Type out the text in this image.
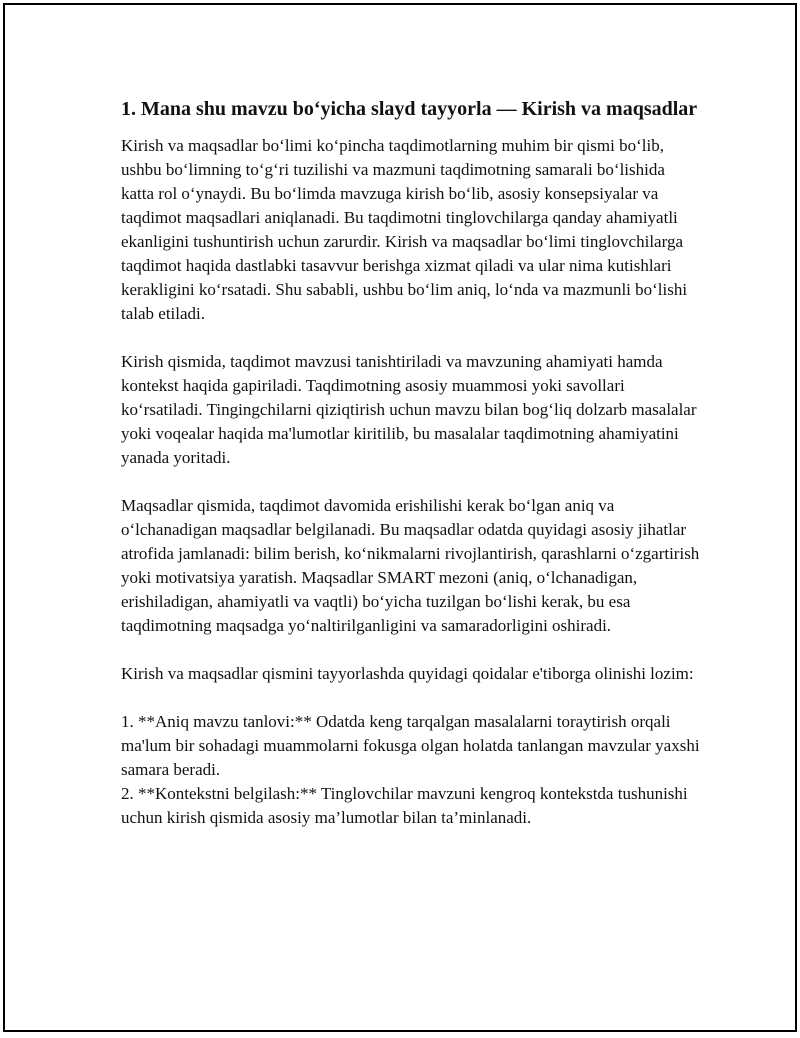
1. Mana shu mavzu bo‘yicha slayd tayyorla — Kirish va maqsadlar

Kirish va maqsadlar bo‘limi ko‘pincha taqdimotlarning muhim bir qismi bo‘lib, ushbu bo‘limning to‘g‘ri tuzilishi va mazmuni taqdimotning samarali bo‘lishida katta rol o‘ynaydi. Bu bo‘limda mavzuga kirish bo‘lib, asosiy konsepsiyalar va taqdimot maqsadlari aniqlanadi. Bu taqdimotni tinglovchilarga qanday ahamiyatli ekanligini tushuntirish uchun zarurdir. Kirish va maqsadlar bo‘limi tinglovchilarga taqdimot haqida dastlabki tasavvur berishga xizmat qiladi va ular nima kutishlari kerakligini ko‘rsatadi. Shu sababli, ushbu bo‘lim aniq, lo‘nda va mazmunli bo‘lishi talab etiladi.

Kirish qismida, taqdimot mavzusi tanishtiriladi va mavzuning ahamiyati hamda kontekst haqida gapiriladi. Taqdimotning asosiy muammosi yoki savollari ko‘rsatiladi. Tingingchilarni qiziqtirish uchun mavzu bilan bog‘liq dolzarb masalalar yoki voqealar haqida ma'lumotlar kiritilib, bu masalalar taqdimotning ahamiyatini yanada yoritadi.

Maqsadlar qismida, taqdimot davomida erishilishi kerak bo‘lgan aniq va o‘lchanadigan maqsadlar belgilanadi. Bu maqsadlar odatda quyidagi asosiy jihatlar atrofida jamlanadi: bilim berish, ko‘nikmalarni rivojlantirish, qarashlarni o‘zgartirish yoki motivatsiya yaratish. Maqsadlar SMART mezoni (aniq, o‘lchanadigan, erishiladigan, ahamiyatli va vaqtli) bo‘yicha tuzilgan bo‘lishi kerak, bu esa taqdimotning maqsadga yo‘naltirilganligini va samaradorligini oshiradi.

Kirish va maqsadlar qismini tayyorlashda quyidagi qoidalar e'tiborga olinishi lozim:

1. **Aniq mavzu tanlovi:** Odatda keng tarqalgan masalalarni toraytirish orqali ma'lum bir sohadagi muammolarni fokusga olgan holatda tanlangan mavzular yaxshi samara beradi.
2. **Kontekstni belgilash:** Tinglovchilar mavzuni kengroq kontekstda tushunishi uchun kirish qismida asosiy ma’lumotlar bilan ta’minlanadi.
